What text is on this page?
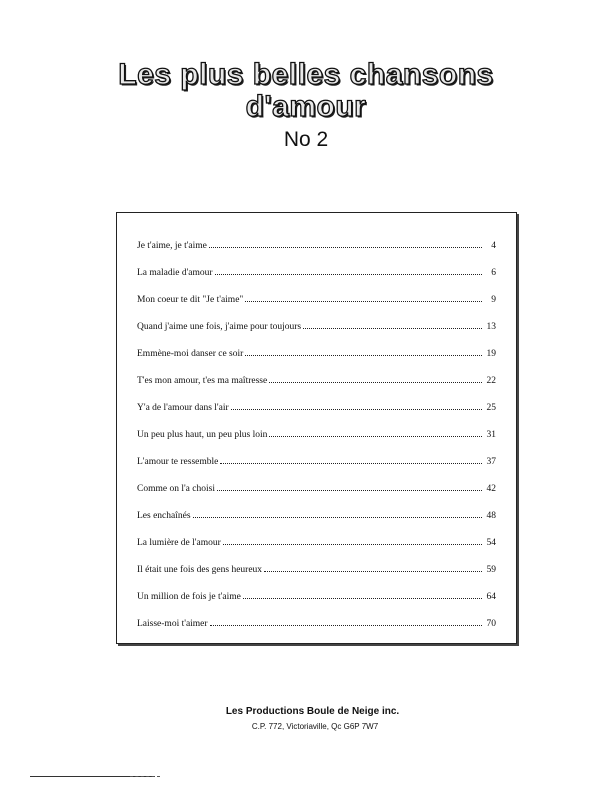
Les plus belles chansons
d'amour
No 2
Je t'aime, je t'aime	4
La maladie d'amour	6
Mon coeur te dit "Je t'aime"	9
Quand j'aime une fois, j'aime pour toujours	13
Emmène-moi danser ce soir	19
T'es mon amour, t'es ma maîtresse	22
Y'a de l'amour dans l'air	25
Un peu plus haut, un peu plus loin	31
L'amour te ressemble	37
Comme on l'a choisi	42
Les enchaînés	48
La lumière de l'amour	54
Il était une fois des gens heureux	59
Un million de fois je t'aime	64
Laisse-moi t'aimer	70
Les Productions Boule de Neige inc.
C.P. 772, Victoriaville, Qc G6P 7W7
